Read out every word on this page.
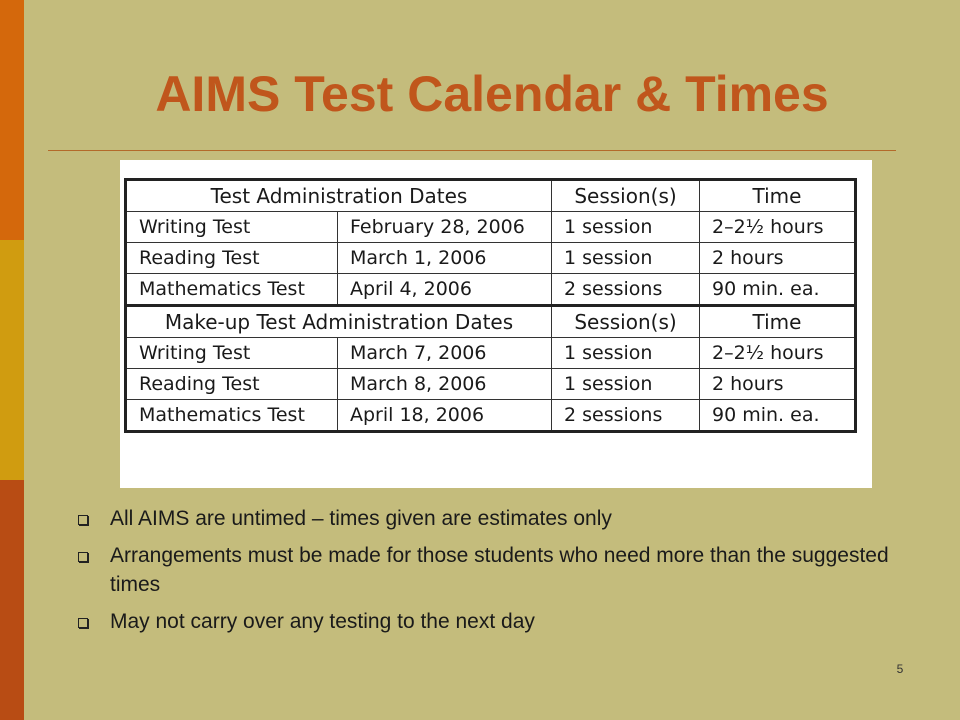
AIMS Test Calendar & Times
Test Administration Dates		Session(s)	Time
Writing Test	February 28, 2006	1 session	2–2½ hours
Reading Test	March 1, 2006	1 session	2 hours
Mathematics Test	April 4, 2006	2 sessions	90 min. ea.
Make-up Test Administration Dates		Session(s)	Time
Writing Test	March 7, 2006	1 session	2–2½ hours
Reading Test	March 8, 2006	1 session	2 hours
Mathematics Test	April 18, 2006	2 sessions	90 min. ea.
All AIMS are untimed – times given are estimates only
Arrangements must be made for those students who need more than the suggested times
May not carry over any testing to the next day
5
